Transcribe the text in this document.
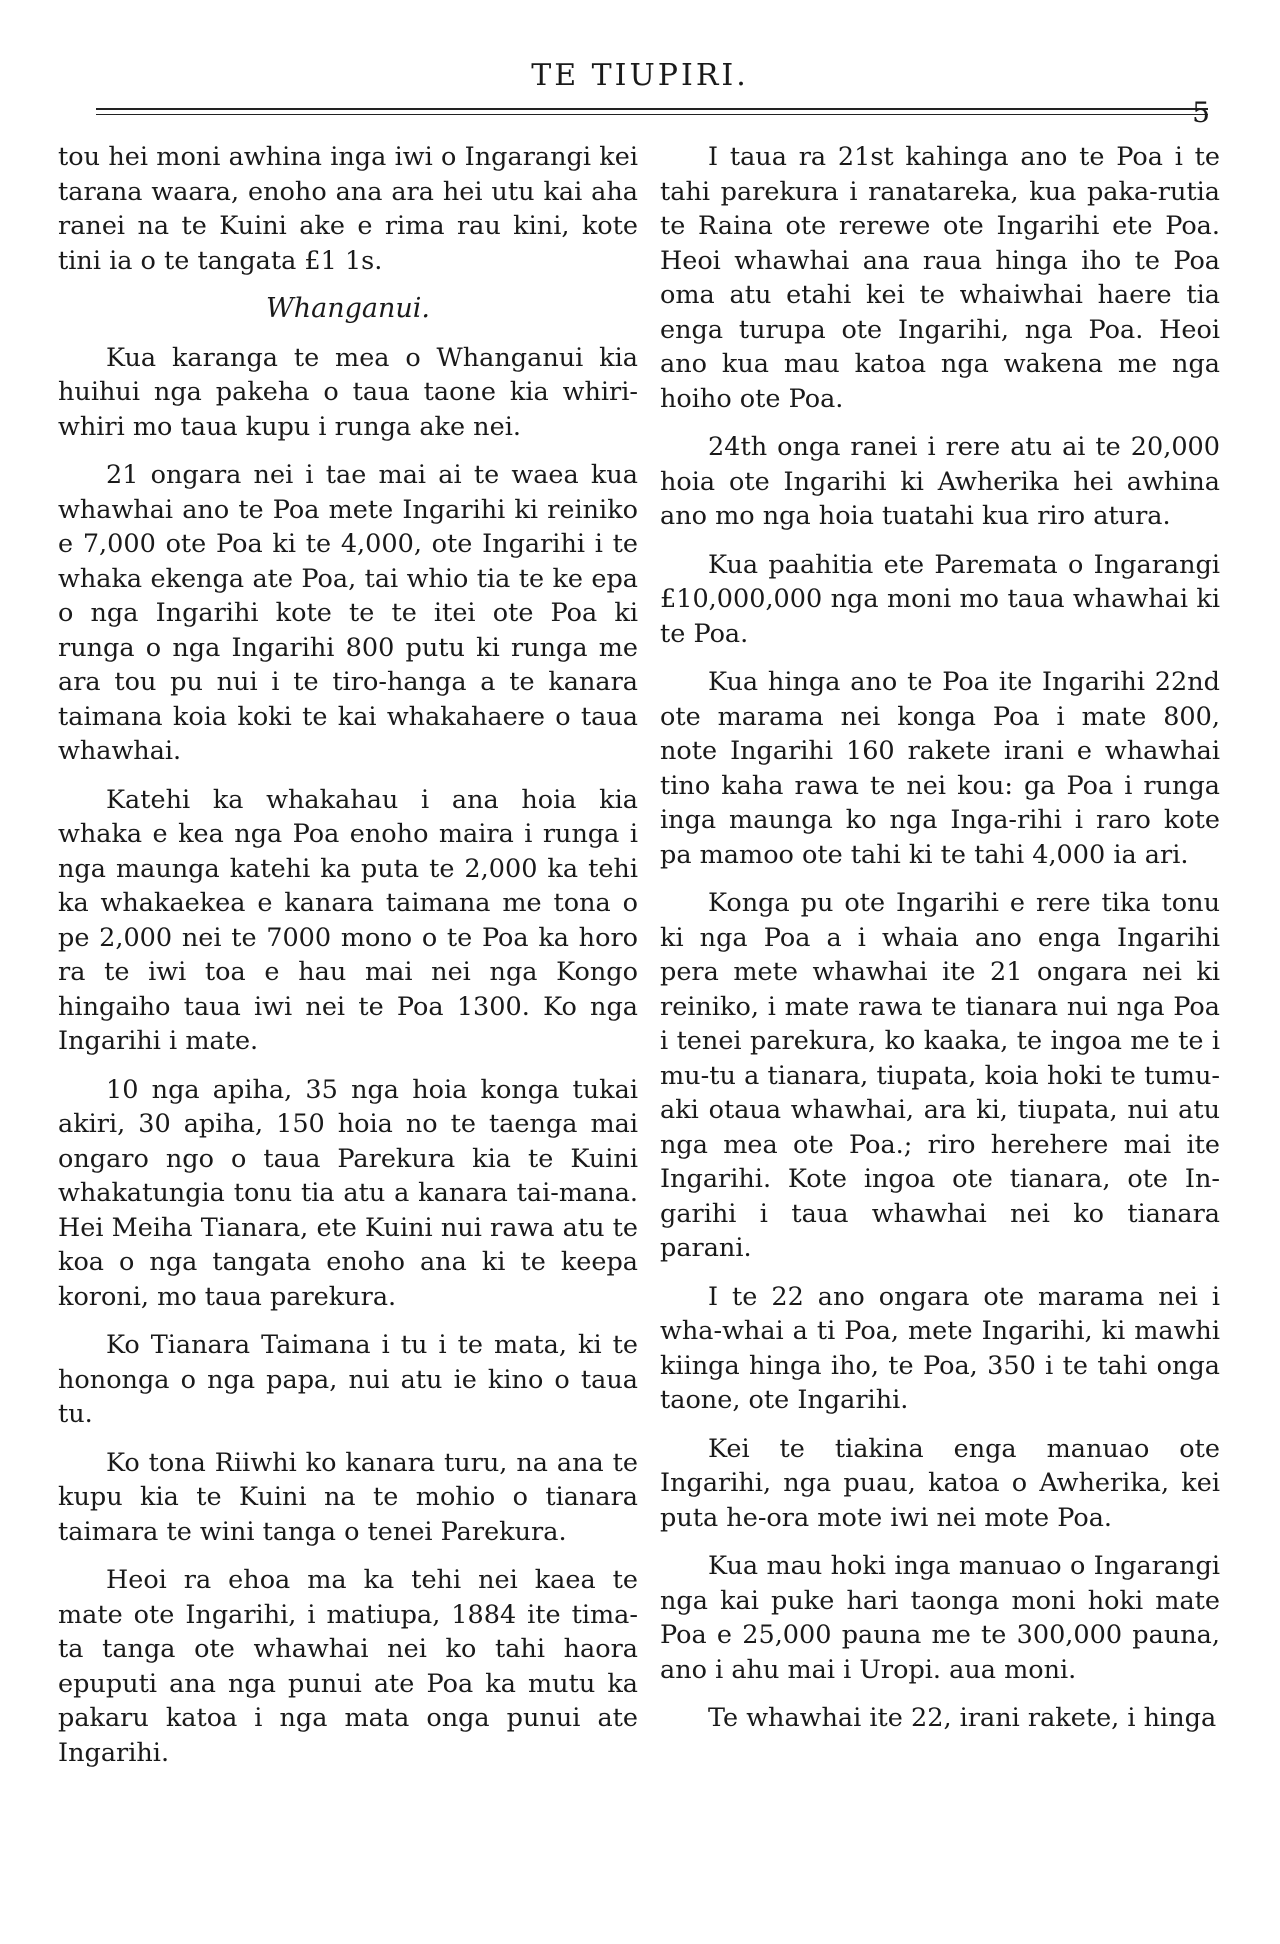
TE TIUPIRI.
5

tou hei moni awhina inga iwi o Ingarangi kei tarana waara, enoho ana ara hei utu kai aha ranei na te Kuini ake e rima rau kini, kote tini ia o te tangata £1 1s.

Whanganui.

Kua karanga te mea o Whanganui kia huihui nga pakeha o taua taone kia whiri-whiri mo taua kupu i runga ake nei.

21 ongara nei i tae mai ai te waea kua whawhai ano te Poa mete Ingarihi ki reiniko e 7,000 ote Poa ki te 4,000, ote Ingarihi i te whaka ekenga ate Poa, tai whio tia te ke epa o nga Ingarihi kote te te itei ote Poa ki runga o nga Ingarihi 800 putu ki runga me ara tou pu nui i te tiro-hanga a te kanara taimana koia koki te kai whakahaere o taua whawhai.

Katehi ka whakahau i ana hoia kia whaka e kea nga Poa enoho maira i runga i nga maunga katehi ka puta te 2,000 ka tehi ka whakaekea e kanara taimana me tona o pe 2,000 nei te 7000 mono o te Poa ka horo ra te iwi toa e hau mai nei nga Kongo hingaiho taua iwi nei te Poa 1300. Ko nga Ingarihi i mate.

10 nga apiha, 35 nga hoia konga tukai akiri, 30 apiha, 150 hoia no te taenga mai ongaro ngo o taua Parekura kia te Kuini whakatungia tonu tia atu a kanara tai-mana. Hei Meiha Tianara, ete Kuini nui rawa atu te koa o nga tangata enoho ana ki te keepa koroni, mo taua parekura.

Ko Tianara Taimana i tu i te mata, ki te hononga o nga papa, nui atu ie kino o taua tu.

Ko tona Riiwhi ko kanara turu, na ana te kupu kia te Kuini na te mohio o tianara taimara te wini tanga o tenei Parekura.

Heoi ra ehoa ma ka tehi nei kaea te mate ote Ingarihi, i matiupa, 1884 ite tima-ta tanga ote whawhai nei ko tahi haora epuputi ana nga punui ate Poa ka mutu ka pakaru katoa i nga mata onga punui ate Ingarihi.

I taua ra 21st kahinga ano te Poa i te tahi parekura i ranatareka, kua paka-rutia te Raina ote rerewe ote Ingarihi ete Poa. Heoi whawhai ana raua hinga iho te Poa oma atu etahi kei te whaiwhai haere tia enga turupa ote Ingarihi, nga Poa. Heoi ano kua mau katoa nga wakena me nga hoiho ote Poa.

24th onga ranei i rere atu ai te 20,000 hoia ote Ingarihi ki Awherika hei awhina ano mo nga hoia tuatahi kua riro atura.

Kua paahitia ete Paremata o Ingarangi £10,000,000 nga moni mo taua whawhai ki te Poa.

Kua hinga ano te Poa ite Ingarihi 22nd ote marama nei konga Poa i mate 800, note Ingarihi 160 rakete irani e whawhai tino kaha rawa te nei kou: ga Poa i runga inga maunga ko nga Inga-rihi i raro kote pa mamoo ote tahi ki te tahi 4,000 ia ari.

Konga pu ote Ingarihi e rere tika tonu ki nga Poa a i whaia ano enga Ingarihi pera mete whawhai ite 21 ongara nei ki reiniko, i mate rawa te tianara nui nga Poa i tenei parekura, ko kaaka, te ingoa me te i mu-tu a tianara, tiupata, koia hoki te tumu-aki otaua whawhai, ara ki, tiupata, nui atu nga mea ote Poa.; riro herehere mai ite Ingarihi. Kote ingoa ote tianara, ote In-garihi i taua whawhai nei ko tianara parani.

I te 22 ano ongara ote marama nei i wha-whai a ti Poa, mete Ingarihi, ki mawhi kiinga hinga iho, te Poa, 350 i te tahi onga taone, ote Ingarihi.

Kei te tiakina enga manuao ote Ingarihi, nga puau, katoa o Awherika, kei puta he-ora mote iwi nei mote Poa.

Kua mau hoki inga manuao o Ingarangi nga kai puke hari taonga moni hoki mate Poa e 25,000 pauna me te 300,000 pauna, ano i ahu mai i Uropi. aua moni.

Te whawhai ite 22, irani rakete, i hinga
